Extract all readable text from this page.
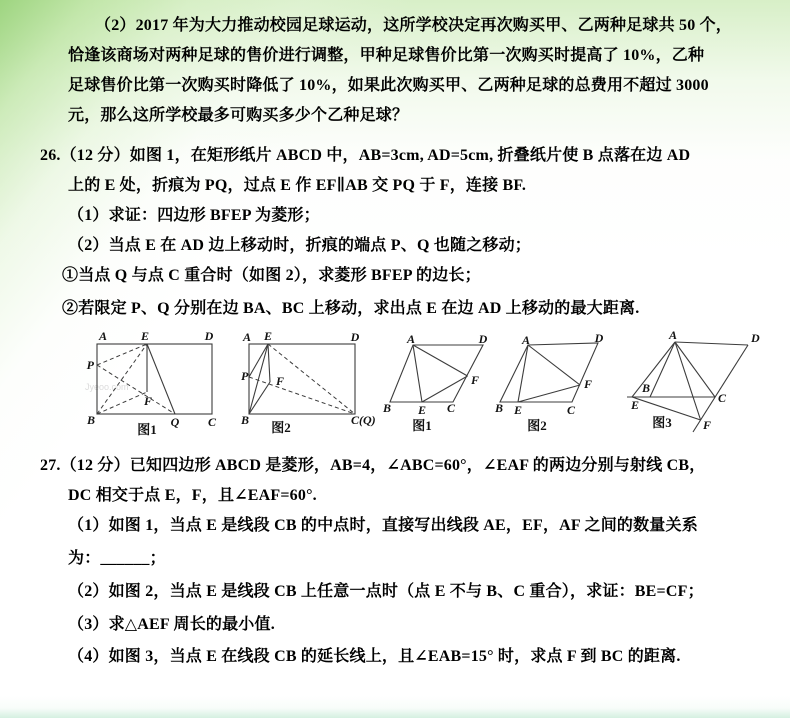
（2）2017 年为大力推动校园足球运动，这所学校决定再次购买甲、乙两种足球共 50 个，
恰逢该商场对两种足球的售价进行调整，甲种足球售价比第一次购买时提高了 10%，乙种
足球售价比第一次购买时降低了 10%，如果此次购买甲、乙两种足球的总费用不超过 3000
元，那么这所学校最多可购买多少个乙种足球？
26.（12 分）如图 1，在矩形纸片 ABCD 中，AB=3cm, AD=5cm, 折叠纸片使 B 点落在边 AD
上的 E 处，折痕为 PQ，过点 E 作 EF∥AB 交 PQ 于 F，连接 BF.
（1）求证：四边形 BFEP 为菱形；
（2）当点 E 在 AD 边上移动时，折痕的端点 P、Q 也随之移动；
①当点 Q 与点 C 重合时（如图 2），求菱形 BFEP 的边长；
②若限定 P、Q 分别在边 BA、BC 上移动，求出点 E 在边 AD 上移动的最大距离.
Jyeoo.com
A	E	D
P
F
B	Q C
图1
A E	D
P F
B	C(Q)
图2
A	D
B E C
F
图1
A	D
B E	C
F
图2
A	D
B
E	C
F
图3
27.（12 分）已知四边形 ABCD 是菱形，AB=4，∠ABC=60°，∠EAF 的两边分别与射线 CB，
DC 相交于点 E，F，且∠EAF=60°.
（1）如图 1，当点 E 是线段 CB 的中点时，直接写出线段 AE，EF，AF 之间的数量关系
为：______；
（2）如图 2，当点 E 是线段 CB 上任意一点时（点 E 不与 B、C 重合），求证：BE=CF；
（3）求△AEF 周长的最小值.
（4）如图 3，当点 E 在线段 CB 的延长线上，且∠EAB=15° 时，求点 F 到 BC 的距离.
